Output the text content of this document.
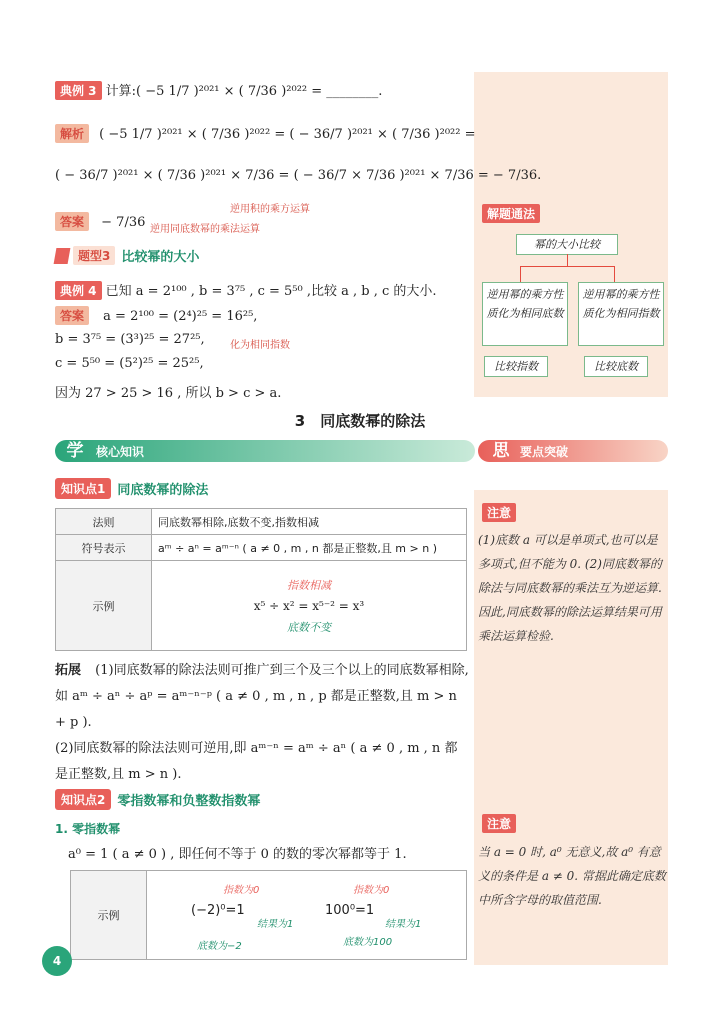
典例 3 计算:( −5 1/7 )²⁰²¹ × ( 7/36 )²⁰²² = ________.
解析 ( −5 1/7 )²⁰²¹ × ( 7/36 )²⁰²² = ( − 36/7 )²⁰²¹ × ( 7/36 )²⁰²² =
( − 36/7 )²⁰²¹ × ( 7/36 )²⁰²¹ × 7/36 = ( − 36/7 × 7/36 )²⁰²¹ × 7/36 = − 7/36.
逆用积的乘方运算
逆用同底数幂的乘法运算
答案 − 7/36
题型3 比较幂的大小
典例 4 已知 a = 2¹⁰⁰ , b = 3⁷⁵ , c = 5⁵⁰ ,比较 a , b , c 的大小.
答案 a = 2¹⁰⁰ = (2⁴)²⁵ = 16²⁵,
b = 3⁷⁵ = (3³)²⁵ = 27²⁵,
c = 5⁵⁰ = (5²)²⁵ = 25²⁵,
化为相同指数
因为 27 > 25 > 16 , 所以 b > c > a.
解题通法
幂的大小比较
逆用幂的乘方性质化为相同底数
逆用幂的乘方性质化为相同指数
比较指数	比较底数
3　同底数幂的除法
学	核心知识	思 要点突破
知识点1 同底数幂的除法
法则	同底数幂相除,底数不变,指数相减
符号表示	aᵐ ÷ aⁿ = aᵐ⁻ⁿ ( a ≠ 0 , m , n 都是正整数,且 m > n )
示例	指数相减
x⁵ ÷ x² = x⁵⁻² = x³
底数不变
拓展 (1)同底数幂的除法法则可推广到三个及三个以上的同底数幂相除,如 aᵐ ÷ aⁿ ÷ aᵖ = aᵐ⁻ⁿ⁻ᵖ ( a ≠ 0 , m , n , p 都是正整数,且 m > n + p ).
(2)同底数幂的除法法则可逆用,即 aᵐ⁻ⁿ = aᵐ ÷ aⁿ ( a ≠ 0 , m , n 都是正整数,且 m > n ).
注意
(1)底数 a 可以是单项式,也可以是多项式,但不能为 0. (2)同底数幂的除法与同底数幂的乘法互为逆运算. 因此,同底数幂的除法运算结果可用乘法运算检验.
知识点2 零指数幂和负整数指数幂
1. 零指数幂
a⁰ = 1 ( a ≠ 0 ) , 即任何不等于 0 的数的零次幂都等于 1.
示例	
指数为0
(−2)⁰=1
结果为1
底数为−2
指数为0
100⁰=1
结果为1
底数为100
注意
当 a = 0 时, a⁰ 无意义,故 a⁰ 有意义的条件是 a ≠ 0. 常据此确定底数中所含字母的取值范围.
4
